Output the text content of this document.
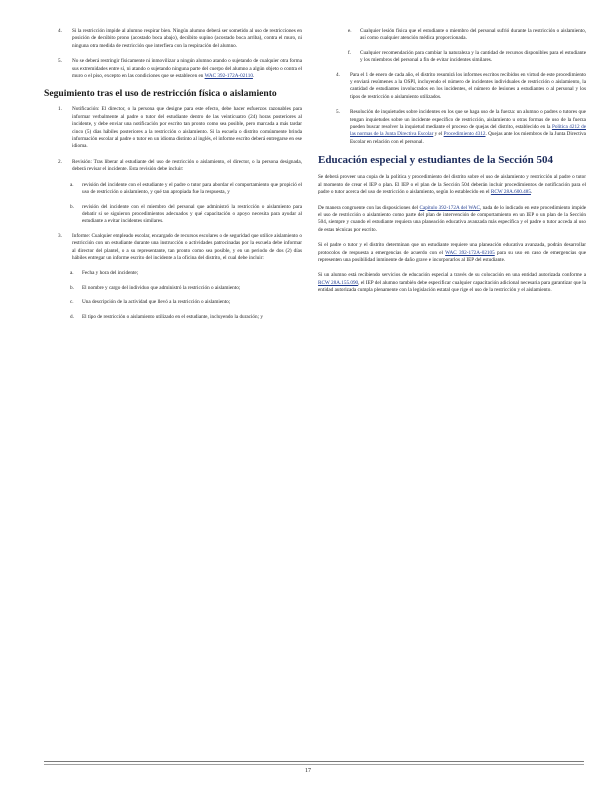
4. Si la restricción impide al alumno respirar bien. Ningún alumno deberá ser sometido al uso de restricciones en posición de decúbito prono (acostado boca abajo), decúbito supino (acostado boca arriba), contra el muro, ni ninguna otra medida de restricción que interfiera con la respiración del alumno.

5. No se deberá restringir físicamente ni inmovilizar a ningún alumno atando o sujetando de cualquier otra forma sus extremidades entre sí, ni atando o sujetando ninguna parte del cuerpo del alumno a algún objeto o contra el muro o el piso, excepto en las condiciones que se establecen en WAC 392-172A-02110.

Seguimiento tras el uso de restricción física o aislamiento
1. Notificación: El director, o la persona que designe para este efecto, debe hacer esfuerzos razonables para informar verbalmente al padre o tutor del estudiante dentro de las veinticuatro (24) horas posteriores al incidente, y debe enviar una notificación por escrito tan pronto como sea posible, pero marcada a más tardar cinco (5) días hábiles posteriores a la restricción o aislamiento. Si la escuela o distrito comúnmente brinda información escolar al padre o tutor en un idioma distinto al inglés, el informe escrito deberá entregarse en ese idioma.

2. Revisión: Tras liberar al estudiante del uso de restricción o aislamiento, el director, o la persona designada, deberá revisar el incidente. Esta revisión debe incluir:

a. revisión del incidente con el estudiante y el padre o tutor para abordar el comportamiento que propició el uso de restricción o aislamiento, y qué tan apropiada fue la respuesta, y

b. revisión del incidente con el miembro del personal que administró la restricción o aislamiento para debatir si se siguieron procedimientos adecuados y qué capacitación o apoyo necesita para ayudar al estudiante a evitar incidentes similares.

3. Informe: Cualquier empleado escolar, encargado de recursos escolares o de seguridad que utilice aislamiento o restricción con un estudiante durante una instrucción o actividades patrocinadas por la escuela debe informar al director del plantel, o a su representante, tan pronto como sea posible, y en un periodo de dos (2) días hábiles entregar un informe escrito del incidente a la oficina del distrito, el cual debe incluir:

a. Fecha y hora del incidente;

b. El nombre y cargo del individuo que administró la restricción o aislamiento;

c. Una descripción de la actividad que llevó a la restricción o aislamiento;

d. El tipo de restricción o aislamiento utilizado en el estudiante, incluyendo la duración; y

e. Cualquier lesión física que el estudiante o miembro del personal sufrió durante la restricción o aislamiento, así como cualquier atención médica proporcionada.

f. Cualquier recomendación para cambiar la naturaleza y la cantidad de recursos disponibles para el estudiante y los miembros del personal a fin de evitar incidentes similares.

4. Para el 1 de enero de cada año, el distrito resumirá los informes escritos recibidos en virtud de este procedimiento y enviará resúmenes a la OSPI, incluyendo el número de incidentes individuales de restricción o aislamiento, la cantidad de estudiantes involucrados en los incidentes, el número de lesiones a estudiantes o al personal y los tipos de restricción o aislamiento utilizados.

5. Resolución de inquietudes sobre incidentes en los que se haga uso de la fuerza: un alumno o padres o tutores que tengan inquietudes sobre un incidente específico de restricción, aislamiento u otras formas de uso de la fuerza pueden buscar resolver la inquietud mediante el proceso de quejas del distrito, establecido en la Política 4212 de las normas de la Junta Directiva Escolar y el Procedimiento 4312. Quejas ante los miembros de la Junta Directiva Escolar en relación con el personal.

Educación especial y estudiantes de la Sección 504

Se deberá proveer una copia de la política y procedimiento del distrito sobre el uso de aislamiento y restricción al padre o tutor al momento de crear el IEP o plan. El IEP o el plan de la Sección 504 deberán incluir procedimientos de notificación para el padre o tutor acerca del uso de restricción o aislamiento, según lo establecido en el RCW 28A.600.485.

De manera congruente con las disposiciones del Capítulo 392-172A del WAC, nada de lo indicado en este procedimiento impide el uso de restricción o aislamiento como parte del plan de intervención de comportamiento en un IEP o un plan de la Sección 504, siempre y cuando el estudiante requiera una planeación educativa avanzada más específica y el padre o tutor acceda al uso de estas técnicas por escrito.

Si el padre o tutor y el distrito determinan que un estudiante requiere una planeación educativa avanzada, podrán desarrollar protocolos de respuesta a emergencias de acuerdo con el WAC 392-172A-02105 para su uso en caso de emergencias que representen una posibilidad inminente de daño grave e incorporarlos al IEP del estudiante.

Si un alumno está recibiendo servicios de educación especial a través de su colocación en una entidad autorizada conforme a RCW 28A.155.090, el IEP del alumno también debe especificar cualquier capacitación adicional necesaria para garantizar que la entidad autorizada cumpla plenamente con la legislación estatal que rige el uso de la restricción y el aislamiento.

17
